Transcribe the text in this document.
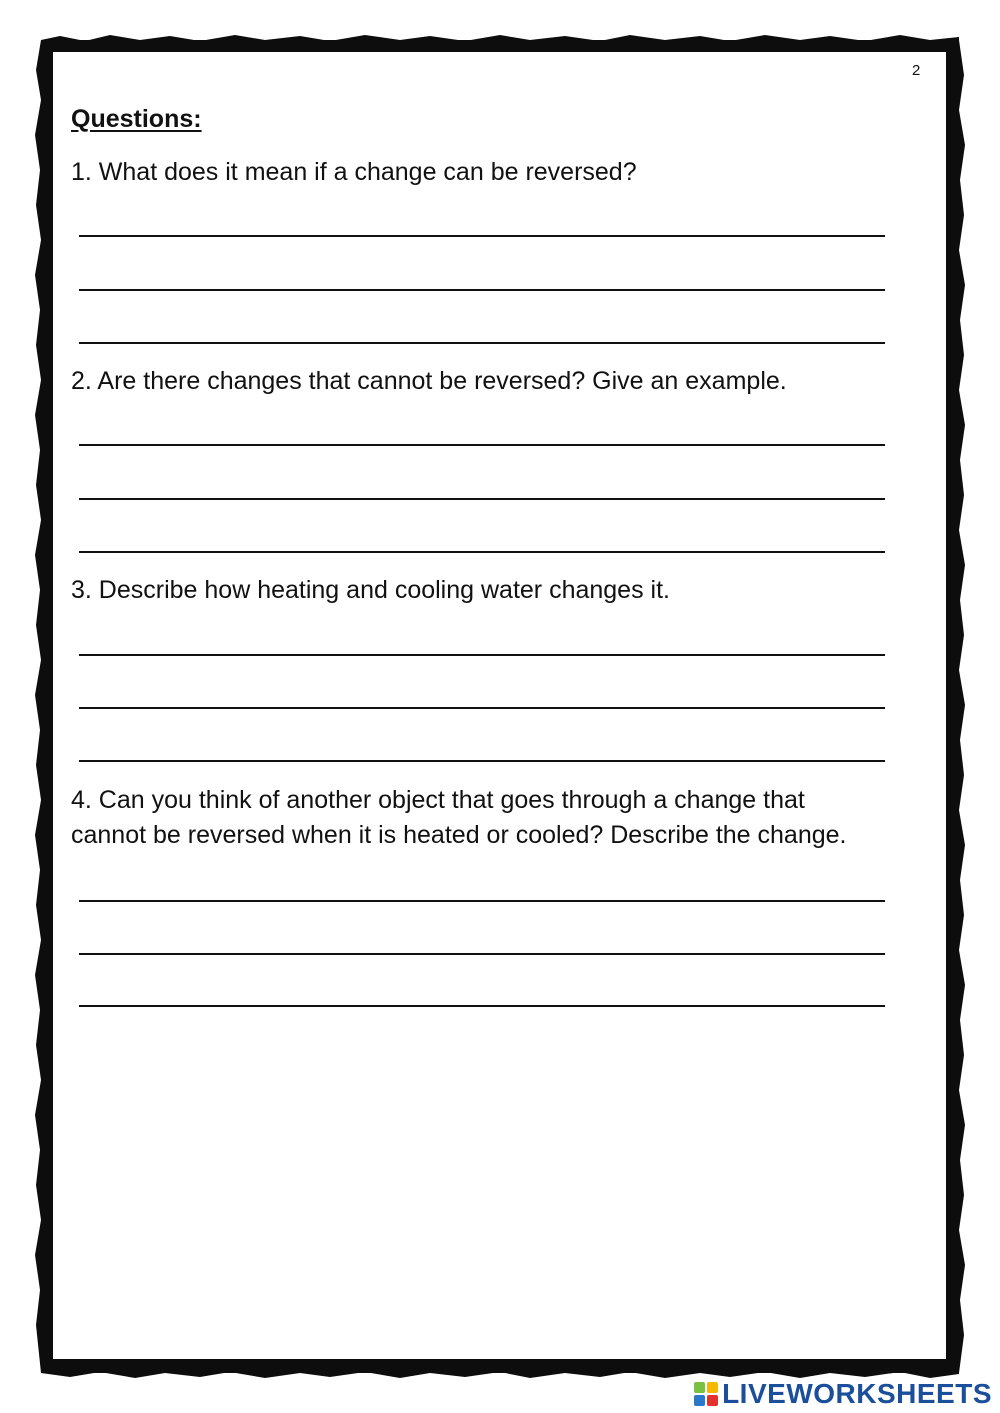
2
Questions:
1. What does it mean if a change can be reversed?
2. Are there changes that cannot be reversed? Give an example.
3. Describe how heating and cooling water changes it.
4. Can you think of another object that goes through a change that
cannot be reversed when it is heated or cooled? Describe the change.
LIVEWORKSHEETS
